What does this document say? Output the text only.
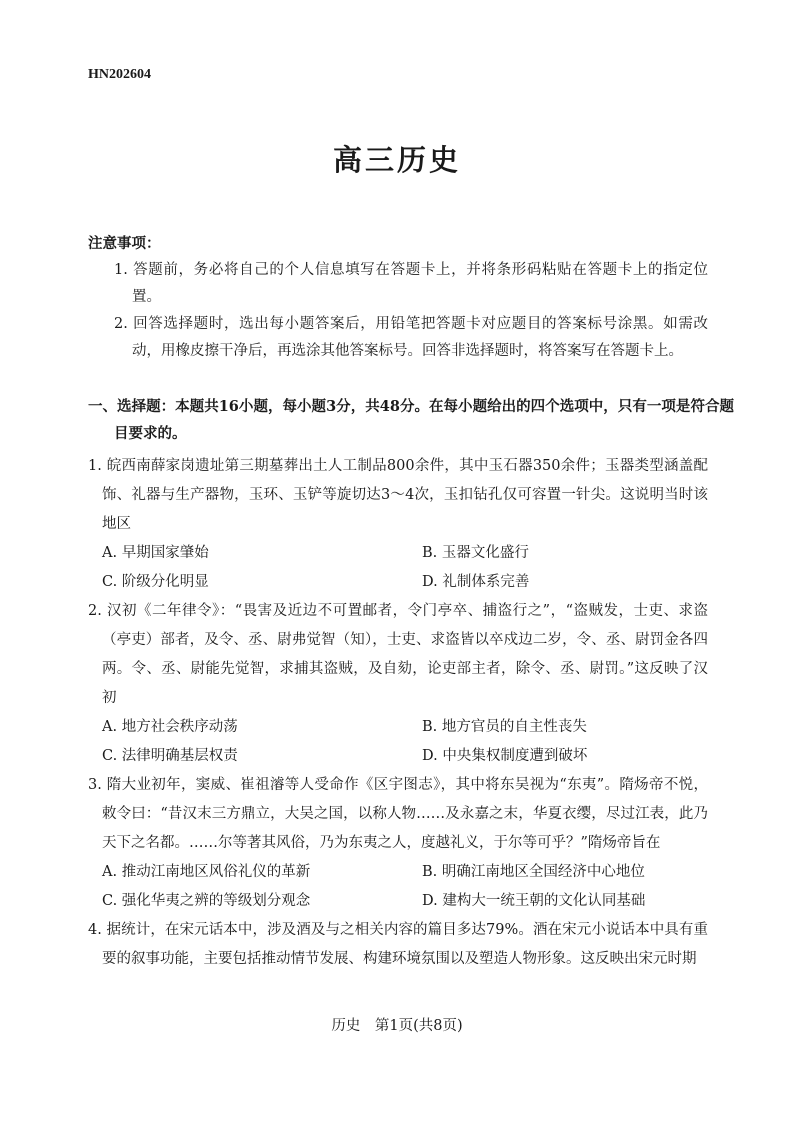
HN202604
高三历史
注意事项：
1. 答题前，务必将自己的个人信息填写在答题卡上，并将条形码粘贴在答题卡上的指定位置。
2. 回答选择题时，选出每小题答案后，用铅笔把答题卡对应题目的答案标号涂黑。如需改动，用橡皮擦干净后，再选涂其他答案标号。回答非选择题时，将答案写在答题卡上。
一、选择题：本题共16小题，每小题3分，共48分。在每小题给出的四个选项中，只有一项是符合题目要求的。
1. 皖西南薛家岗遗址第三期墓葬出土人工制品800余件，其中玉石器350余件；玉器类型涵盖配饰、礼器与生产器物，玉环、玉铲等旋切达3～4次，玉扣钻孔仅可容置一针尖。这说明当时该地区
A. 早期国家肇始	B. 玉器文化盛行
C. 阶级分化明显	D. 礼制体系完善
2. 汉初《二年律令》：“畏害及近边不可置邮者，令门亭卒、捕盗行之”，“盗贼发，士吏、求盗（亭吏）部者，及令、丞、尉弗觉智（知），士吏、求盗皆以卒戍边二岁，令、丞、尉罚金各四两。令、丞、尉能先觉智，求捕其盗贼，及自劾，论吏部主者，除令、丞、尉罚。”这反映了汉初
A. 地方社会秩序动荡	B. 地方官员的自主性丧失
C. 法律明确基层权责	D. 中央集权制度遭到破坏
3. 隋大业初年，窦威、崔祖濬等人受命作《区宇图志》，其中将东吴视为“东夷”。隋炀帝不悦，敕令曰：“昔汉末三方鼎立，大吴之国，以称人物……及永嘉之末，华夏衣缨，尽过江表，此乃天下之名都。……尔等著其风俗，乃为东夷之人，度越礼义，于尔等可乎？”隋炀帝旨在
A. 推动江南地区风俗礼仪的革新	B. 明确江南地区全国经济中心地位
C. 强化华夷之辨的等级划分观念	D. 建构大一统王朝的文化认同基础
4. 据统计，在宋元话本中，涉及酒及与之相关内容的篇目多达79%。酒在宋元小说话本中具有重要的叙事功能，主要包括推动情节发展、构建环境氛围以及塑造人物形象。这反映出宋元时期
历史　第1页(共8页)
